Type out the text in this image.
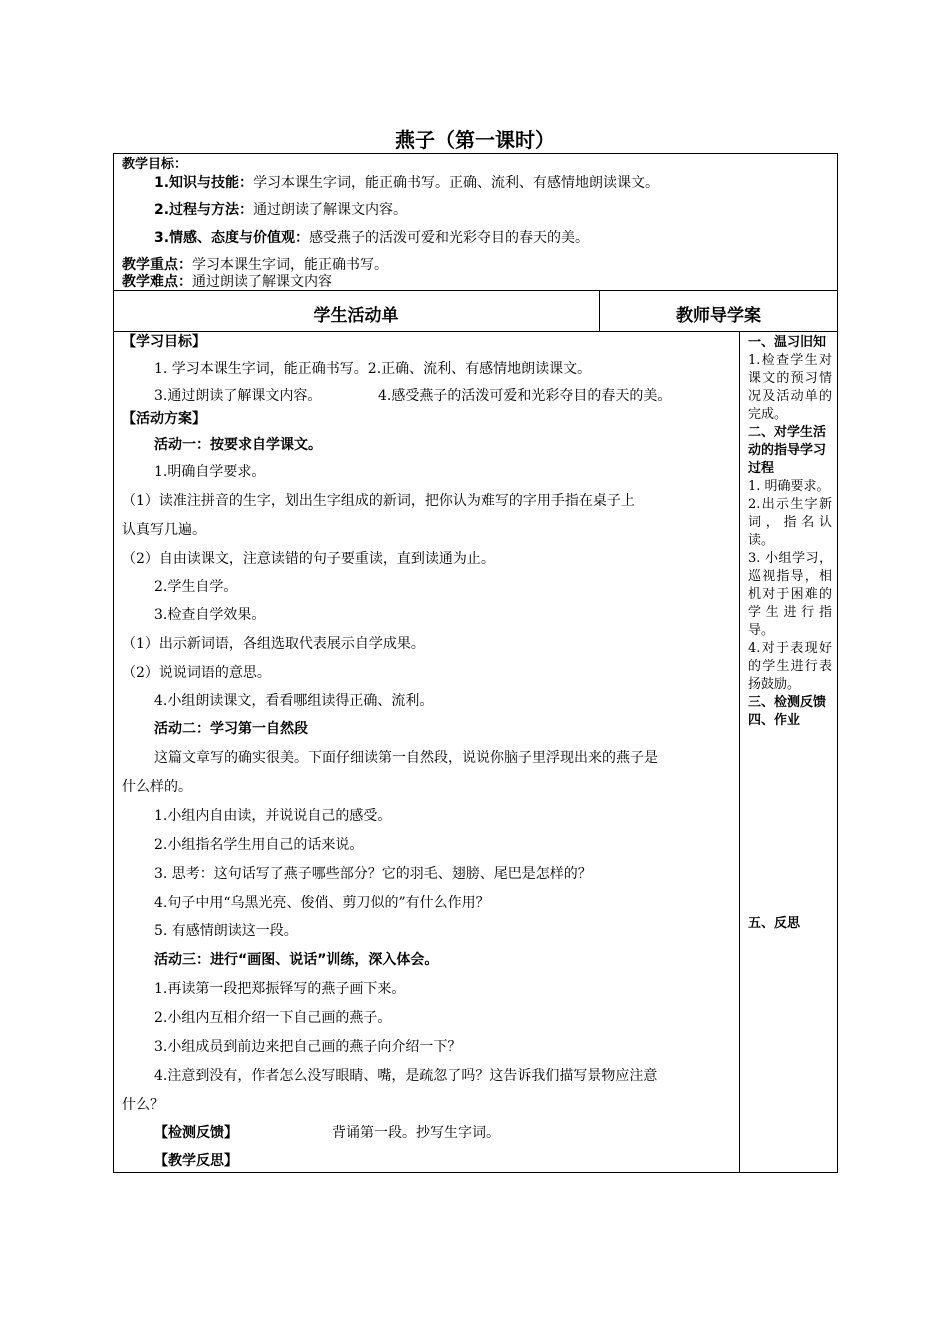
燕子（第一课时）
教学目标：
1.知识与技能：学习本课生字词，能正确书写。正确、流利、有感情地朗读课文。
2.过程与方法：通过朗读了解课文内容。
3.情感、态度与价值观：感受燕子的活泼可爱和光彩夺目的春天的美。
教学重点：学习本课生字词，能正确书写。
教学难点：通过朗读了解课文内容
学生活动单	教师导学案
【学习目标】
1. 学习本课生字词，能正确书写。2.正确、流利、有感情地朗读课文。
3.通过朗读了解课文内容。	4.感受燕子的活泼可爱和光彩夺目的春天的美。
【活动方案】
活动一：按要求自学课文。
1.明确自学要求。
（1）读准注拼音的生字，划出生字组成的新词，把你认为难写的字用手指在桌子上
认真写几遍。
（2）自由读课文，注意读错的句子要重读，直到读通为止。
2.学生自学。
3.检查自学效果。
（1）出示新词语，各组选取代表展示自学成果。
（2）说说词语的意思。
4.小组朗读课文，看看哪组读得正确、流利。
活动二：学习第一自然段
这篇文章写的确实很美。下面仔细读第一自然段，说说你脑子里浮现出来的燕子是
什么样的。
1.小组内自由读，并说说自己的感受。
2.小组指名学生用自己的话来说。
3. 思考：这句话写了燕子哪些部分？它的羽毛、翅膀、尾巴是怎样的？
4.句子中用“乌黑光亮、俊俏、剪刀似的”有什么作用？
5. 有感情朗读这一段。
活动三：进行“画图、说话”训练，深入体会。
1.再读第一段把郑振铎写的燕子画下来。
2.小组内互相介绍一下自己画的燕子。
3.小组成员到前边来把自己画的燕子向介绍一下？
4.注意到没有，作者怎么没写眼睛、嘴，是疏忽了吗？这告诉我们描写景物应注意
什么？
【检测反馈】	背诵第一段。抄写生字词。
【教学反思】
一、温习旧知
1.检查学生对课文的预习情况及活动单的完成。
二、对学生活动的指导学习过程
1. 明确要求。
2.出示生字新词，指名认读。
3. 小组学习，巡视指导，相机对于困难的学生进行指导。
4.对于表现好的学生进行表扬鼓励。
三、检测反馈
四、作业
五、反思
